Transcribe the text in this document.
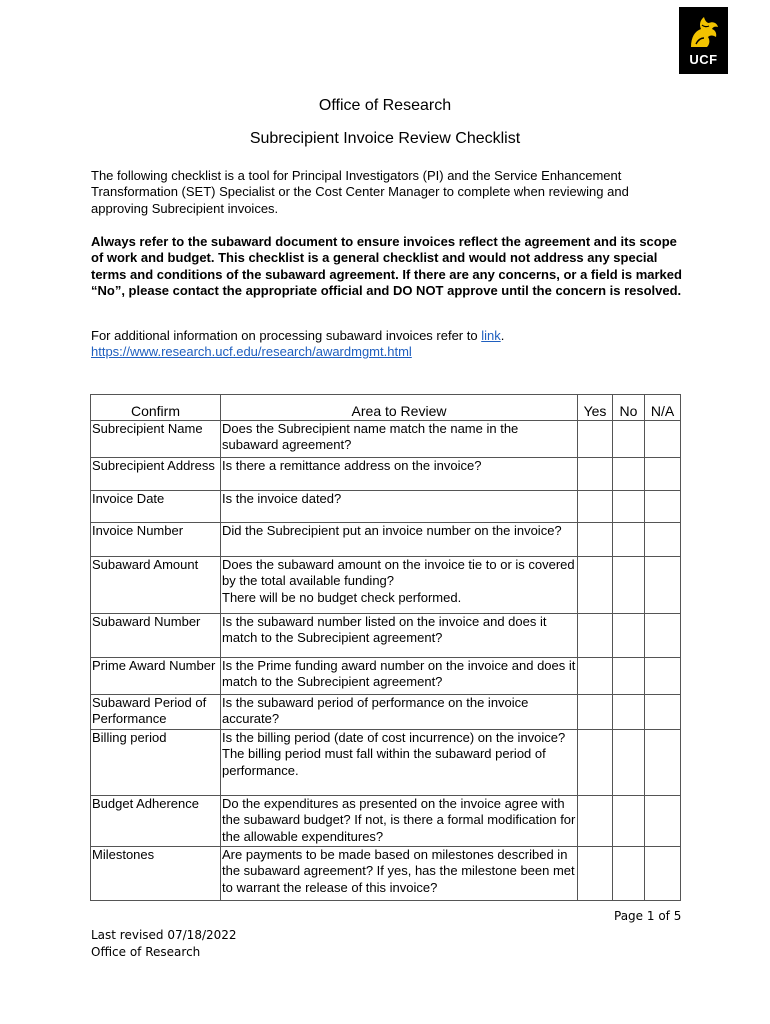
UCF
Office of Research
Subrecipient Invoice Review Checklist
The following checklist is a tool for Principal Investigators (PI) and the Service Enhancement Transformation (SET) Specialist or the Cost Center Manager to complete when reviewing and approving Subrecipient invoices.
Always refer to the subaward document to ensure invoices reflect the agreement and its scope of work and budget. This checklist is a general checklist and would not address any special terms and conditions of the subaward agreement. If there are any concerns, or a field is marked “No”, please contact the appropriate official and DO NOT approve until the concern is resolved.
For additional information on processing subaward invoices refer to link.
https://www.research.ucf.edu/research/awardmgmt.html
Confirm	Area to Review	Yes	No	N/A
Subrecipient Name	Does the Subrecipient name match the name in the subaward agreement?			
Subrecipient Address	Is there a remittance address on the invoice?			
Invoice Date	Is the invoice dated?			
Invoice Number	Did the Subrecipient put an invoice number on the invoice?			
Subaward Amount	Does the subaward amount on the invoice tie to or is covered by the total available funding?
There will be no budget check performed.			

Subaward Number	Is the subaward number listed on the invoice and does it match to the Subrecipient agreement?			
Prime Award Number	Is the Prime funding award number on the invoice and does it match to the Subrecipient agreement?			
Subaward Period of Performance	Is the subaward period of performance on the invoice accurate?			
Billing period	Is the billing period (date of cost incurrence) on the invoice?
The billing period must fall within the subaward period of performance.			

Budget Adherence	Do the expenditures as presented on the invoice agree with the subaward budget? If not, is there a formal modification for the allowable expenditures?			
Milestones	Are payments to be made based on milestones described in the subaward agreement? If yes, has the milestone been met to warrant the release of this invoice?			
Page 1 of 5
Last revised 07/18/2022
Office of Research
